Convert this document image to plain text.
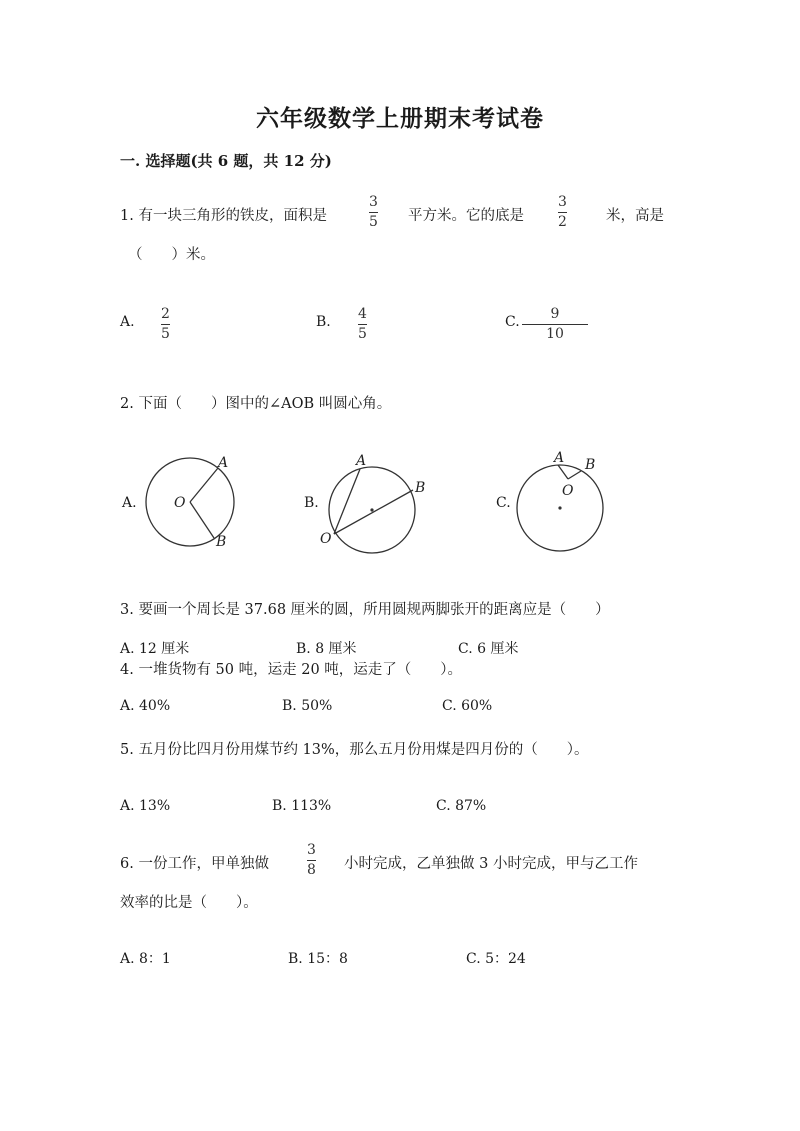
六年级数学上册期末考试卷
一. 选择题(共 6 题，共 12 分)
1. 有一块三角形的铁皮，面积是
3
5 平方米。它的底是
3
2	米，高是
（　　）米。
A. 2
5
B. 4
5
C. 9
10
2. 下面（　　）图中的∠AOB 叫圆心角。
A.	O
A
B
B.
A
B
O
C.
A B
O
3. 要画一个周长是 37.68 厘米的圆，所用圆规两脚张开的距离应是（　　）
A. 12 厘米	B. 8 厘米	C. 6 厘米
4. 一堆货物有 50 吨，运走 20 吨，运走了（　　）。
A. 40%	B. 50%	C. 60%
5. 五月份比四月份用煤节约 13%，那么五月份用煤是四月份的（　　）。
A. 13%	B. 113%	C. 87%
6. 一份工作，甲单独做
3
8 小时完成，乙单独做 3 小时完成，甲与乙工作
效率的比是（　　）。
A. 8：1	B. 15：8	C. 5：24
